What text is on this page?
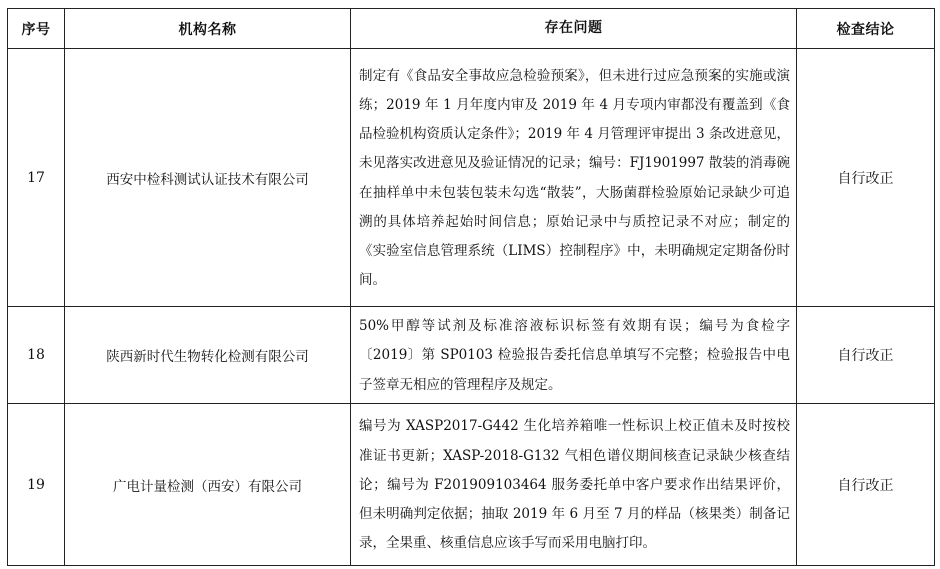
序号	机构名称	存在问题	检查结论
17	西安中检科测试认证技术有限公司	制定有《食品安全事故应急检验预案》，但未进行过应急预案的实施或演练；2019 年 1 月年度内审及 2019 年 4 月专项内审都没有覆盖到《食品检验机构资质认定条件》；2019 年 4 月管理评审提出 3 条改进意见，未见落实改进意见及验证情况的记录；编号：FJ1901997 散装的消毒碗在抽样单中未包装包装未勾选“散装”，大肠菌群检验原始记录缺少可追溯的具体培养起始时间信息；原始记录中与质控记录不对应；制定的《实验室信息管理系统（LIMS）控制程序》中，未明确规定定期备份时间。	自行改正
18	陕西新时代生物转化检测有限公司	50%甲醇等试剂及标准溶液标识标签有效期有误；编号为食检字〔2019〕第 SP0103 检验报告委托信息单填写不完整；检验报告中电子签章无相应的管理程序及规定。	自行改正
19	广电计量检测（西安）有限公司	编号为 XASP2017-G442 生化培养箱唯一性标识上校正值未及时按校准证书更新；XASP-2018-G132 气相色谱仪期间核查记录缺少核查结论；编号为 F201909103464 服务委托单中客户要求作出结果评价，但未明确判定依据；抽取 2019 年 6 月至 7 月的样品（核果类）制备记录，全果重、核重信息应该手写而采用电脑打印。	自行改正
